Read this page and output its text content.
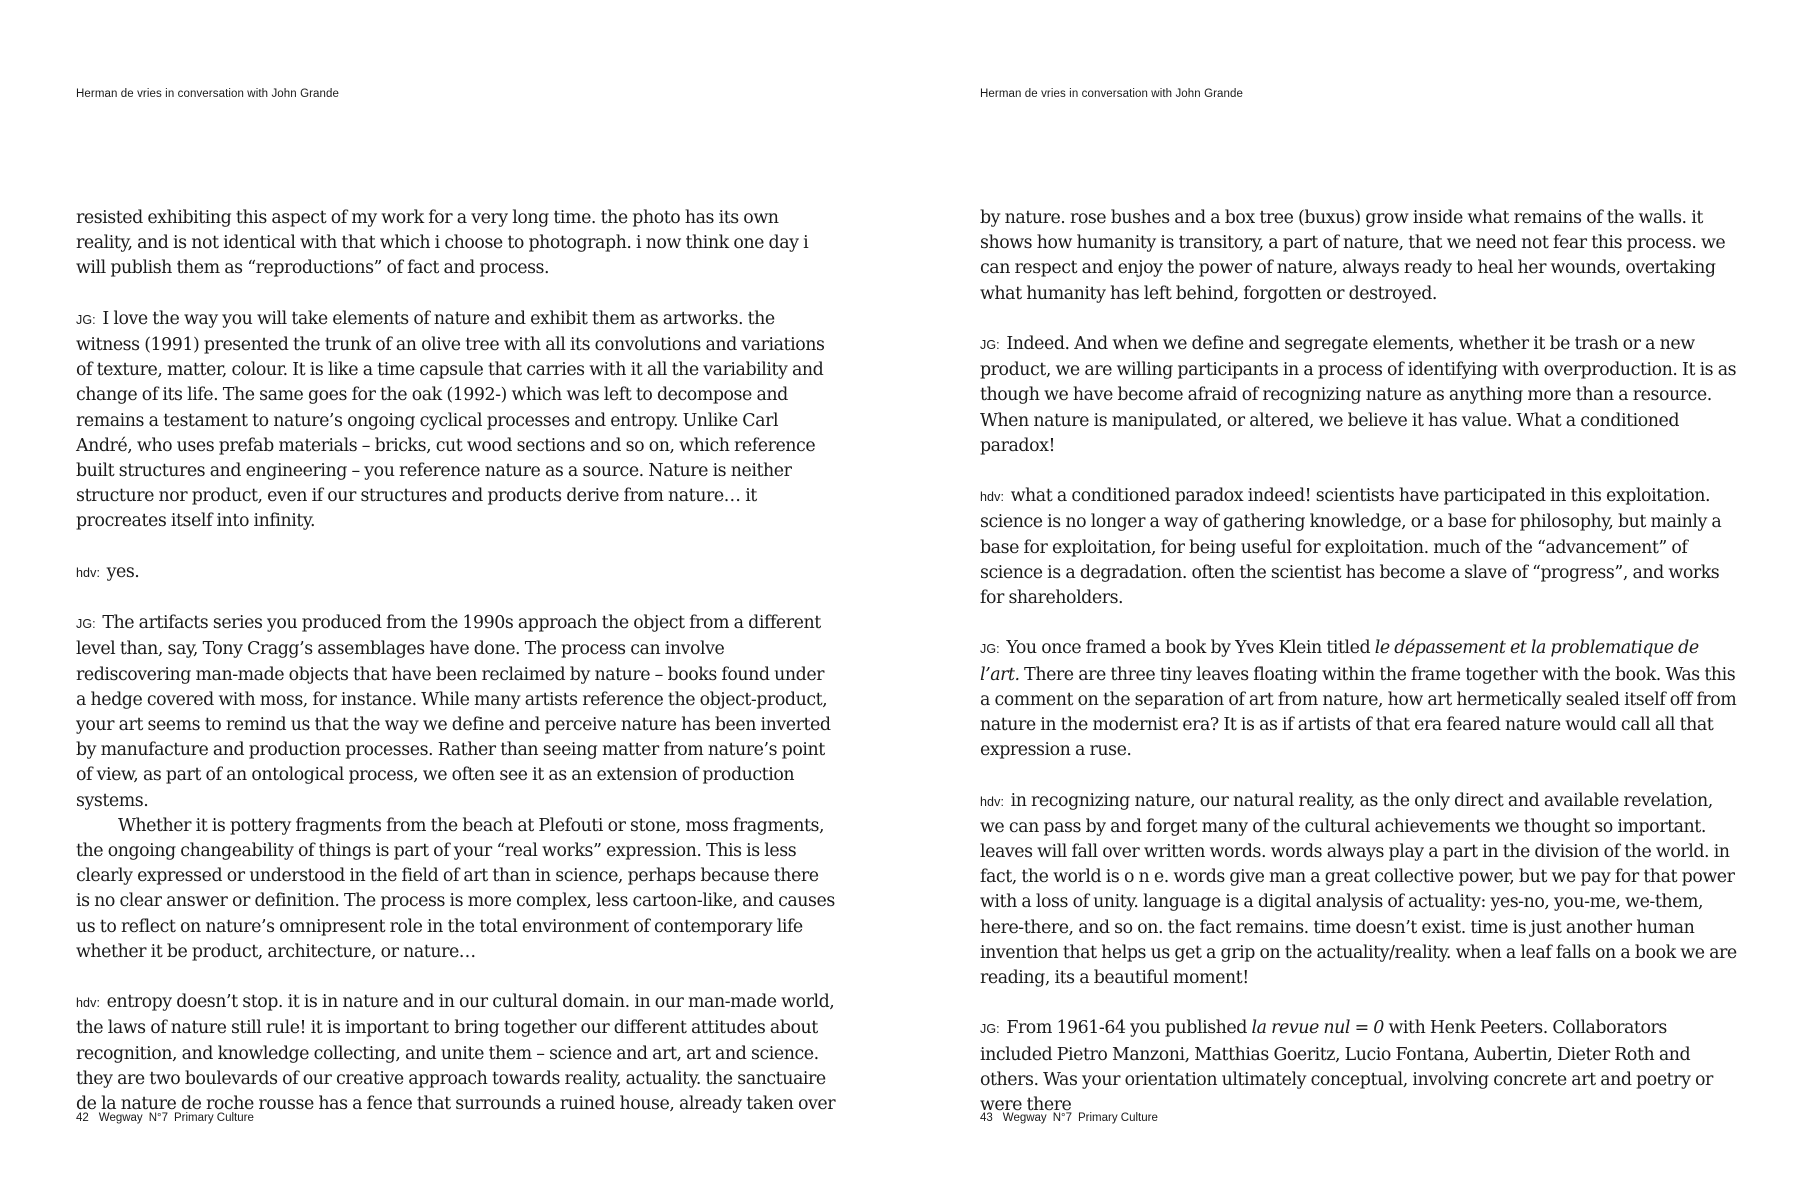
Herman de vries in conversation with John Grande

resisted exhibiting this aspect of my work for a very long time. the photo has its own reality, and is not identical with that which i choose to photograph. i now think one day i will publish them as “reproductions” of fact and process.

JG: I love the way you will take elements of nature and exhibit them as artworks. the witness (1991) presented the trunk of an olive tree with all its convolutions and variations of texture, matter, colour. It is like a time capsule that carries with it all the variability and change of its life. The same goes for the oak (1992-) which was left to decompose and remains a testament to nature’s ongoing cyclical processes and entropy. Unlike Carl André, who uses prefab materials – bricks, cut wood sections and so on, which reference built structures and engineering – you reference nature as a source. Nature is neither structure nor product, even if our structures and products derive from nature… it procreates itself into infinity.

hdv: yes.

JG: The artifacts series you produced from the 1990s approach the object from a different level than, say, Tony Cragg’s assemblages have done. The process can involve rediscovering man-made objects that have been reclaimed by nature – books found under a hedge covered with moss, for instance. While many artists reference the object-product, your art seems to remind us that the way we define and perceive nature has been inverted by manufacture and production processes. Rather than seeing matter from nature’s point of view, as part of an ontological process, we often see it as an extension of production systems.

Whether it is pottery fragments from the beach at Plefouti or stone, moss fragments, the ongoing changeability of things is part of your “real works” expression. This is less clearly expressed or understood in the field of art than in science, perhaps because there is no clear answer or definition. The process is more complex, less cartoon-like, and causes us to reflect on nature’s omnipresent role in the total environment of contemporary life whether it be product, architecture, or nature…

hdv: entropy doesn’t stop. it is in nature and in our cultural domain. in our man-made world, the laws of nature still rule! it is important to bring together our different attitudes about recognition, and knowledge collecting, and unite them – science and art, art and science. they are two boulevards of our creative approach towards reality, actuality. the sanctuaire de la nature de roche rousse has a fence that surrounds a ruined house, already taken over

42 Wegway N°7 Primary Culture
Herman de vries in conversation with John Grande

by nature. rose bushes and a box tree (buxus) grow inside what remains of the walls. it shows how humanity is transitory, a part of nature, that we need not fear this process. we can respect and enjoy the power of nature, always ready to heal her wounds, overtaking what humanity has left behind, forgotten or destroyed.

JG: Indeed. And when we define and segregate elements, whether it be trash or a new product, we are willing participants in a process of identifying with overproduction. It is as though we have become afraid of recognizing nature as anything more than a resource. When nature is manipulated, or altered, we believe it has value. What a conditioned paradox!

hdv: what a conditioned paradox indeed! scientists have participated in this exploitation. science is no longer a way of gathering knowledge, or a base for philosophy, but mainly a base for exploitation, for being useful for exploitation. much of the “advancement” of science is a degradation. often the scientist has become a slave of “progress”, and works for shareholders.

JG: You once framed a book by Yves Klein titled le dépassement et la problematique de l’art. There are three tiny leaves floating within the frame together with the book. Was this a comment on the separation of art from nature, how art hermetically sealed itself off from nature in the modernist era? It is as if artists of that era feared nature would call all that expression a ruse.

hdv: in recognizing nature, our natural reality, as the only direct and available revelation, we can pass by and forget many of the cultural achievements we thought so important. leaves will fall over written words. words always play a part in the division of the world. in fact, the world is o n e. words give man a great collective power, but we pay for that power with a loss of unity. language is a digital analysis of actuality: yes-no, you-me, we-them, here-there, and so on. the fact remains. time doesn’t exist. time is just another human invention that helps us get a grip on the actuality/reality. when a leaf falls on a book we are reading, its a beautiful moment!

JG: From 1961-64 you published la revue nul = 0 with Henk Peeters. Collaborators included Pietro Manzoni, Matthias Goeritz, Lucio Fontana, Aubertin, Dieter Roth and others. Was your orientation ultimately conceptual, involving concrete art and poetry or were there

43 Wegway N°7 Primary Culture
